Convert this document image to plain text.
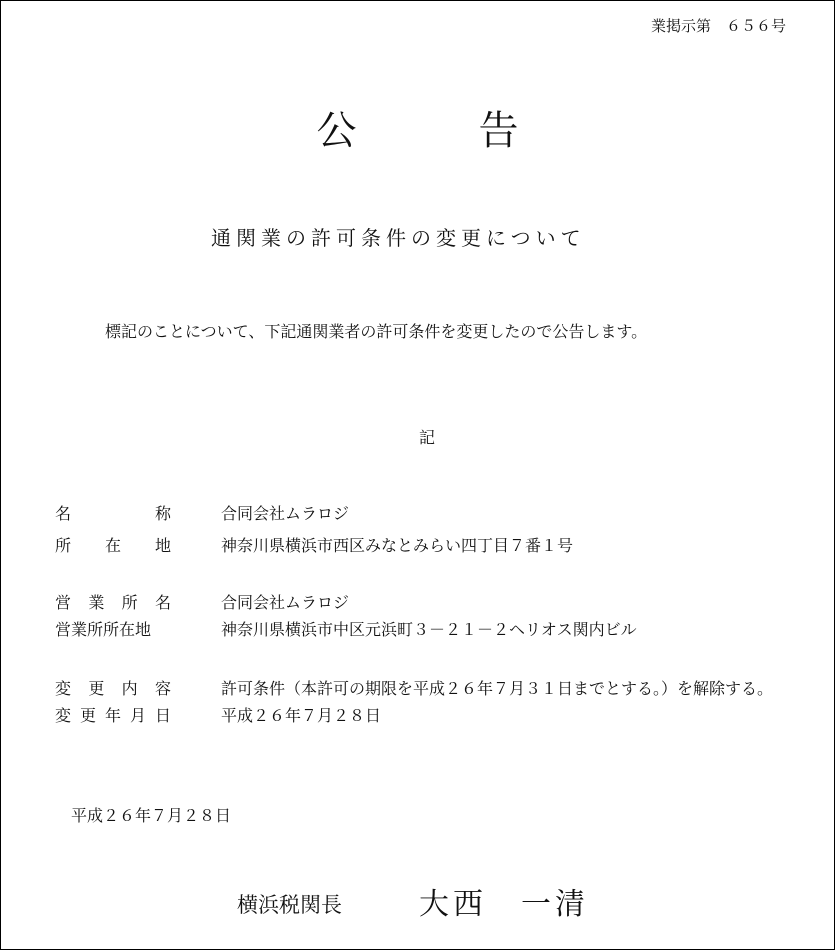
業掲示第　６５６号
公	告
通関業の許可条件の変更について
標記のことについて、下記通関業者の許可条件を変更したので公告します。
記
名	称	合同会社ムラロジ
所 在 地	神奈川県横浜市西区みなとみらい四丁目７番１号
営 業 所 名	合同会社ムラロジ
営業所所在地	神奈川県横浜市中区元浜町３－２１－２ヘリオス関内ビル
変 更 内 容	許可条件（本許可の期限を平成２６年７月３１日までとする。）を解除する。
変 更 年 月 日	平成２６年７月２８日
平成２６年７月２８日
横浜税関長	大西　一清
